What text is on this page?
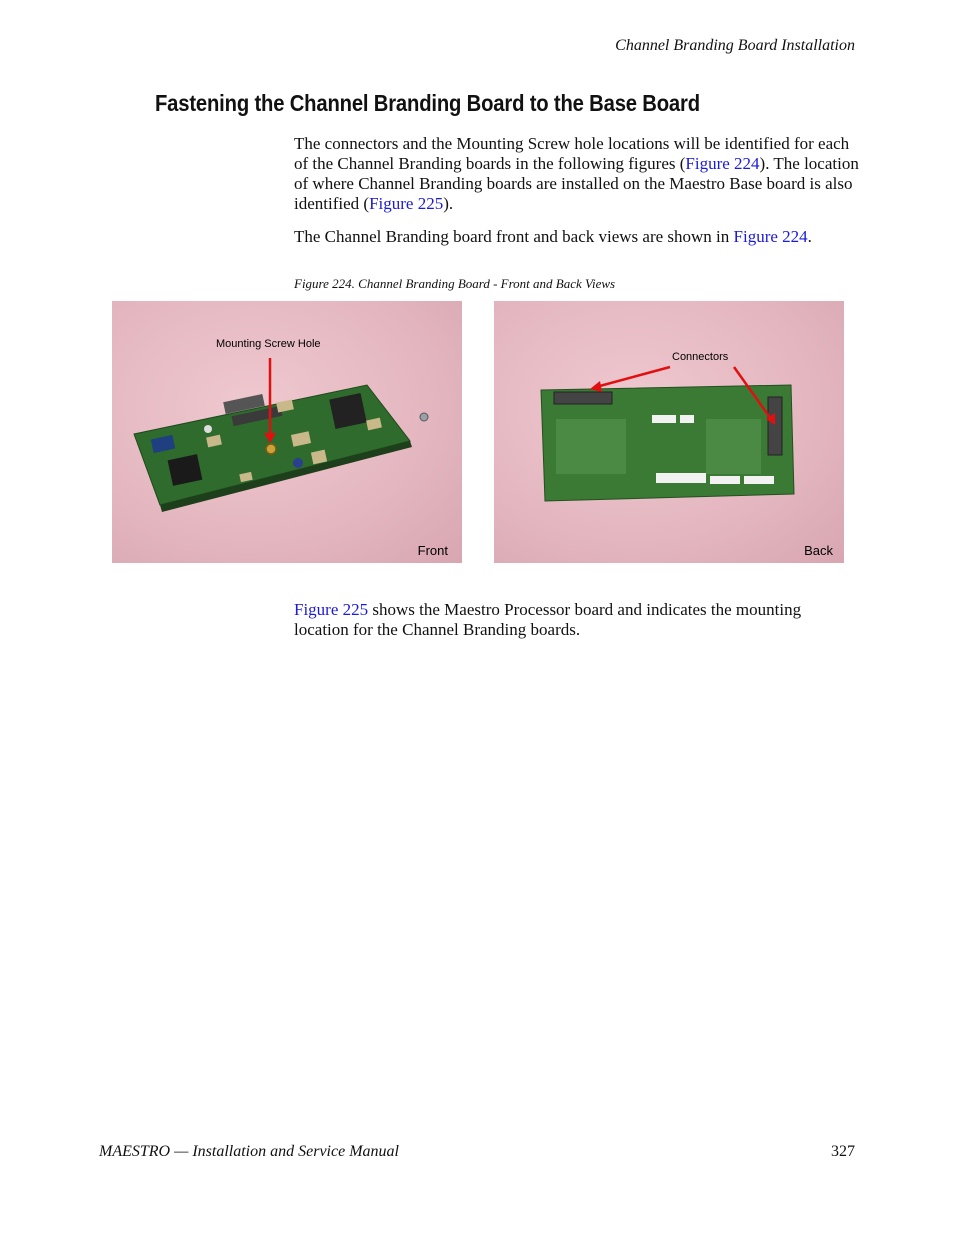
Channel Branding Board Installation
Fastening the Channel Branding Board to the Base Board

The connectors and the Mounting Screw hole locations will be identified for each of the Channel Branding boards in the following figures (Figure 224). The location of where Channel Branding boards are installed on the Maestro Base board is also identified (Figure 225).

The Channel Branding board front and back views are shown in Figure 224.

Figure 224. Channel Branding Board - Front and Back Views

Mounting Screw Hole
Front
Connectors
Back

Figure 225 shows the Maestro Processor board and indicates the mounting location for the Channel Branding boards.

MAESTRO — Installation and Service Manual	327
